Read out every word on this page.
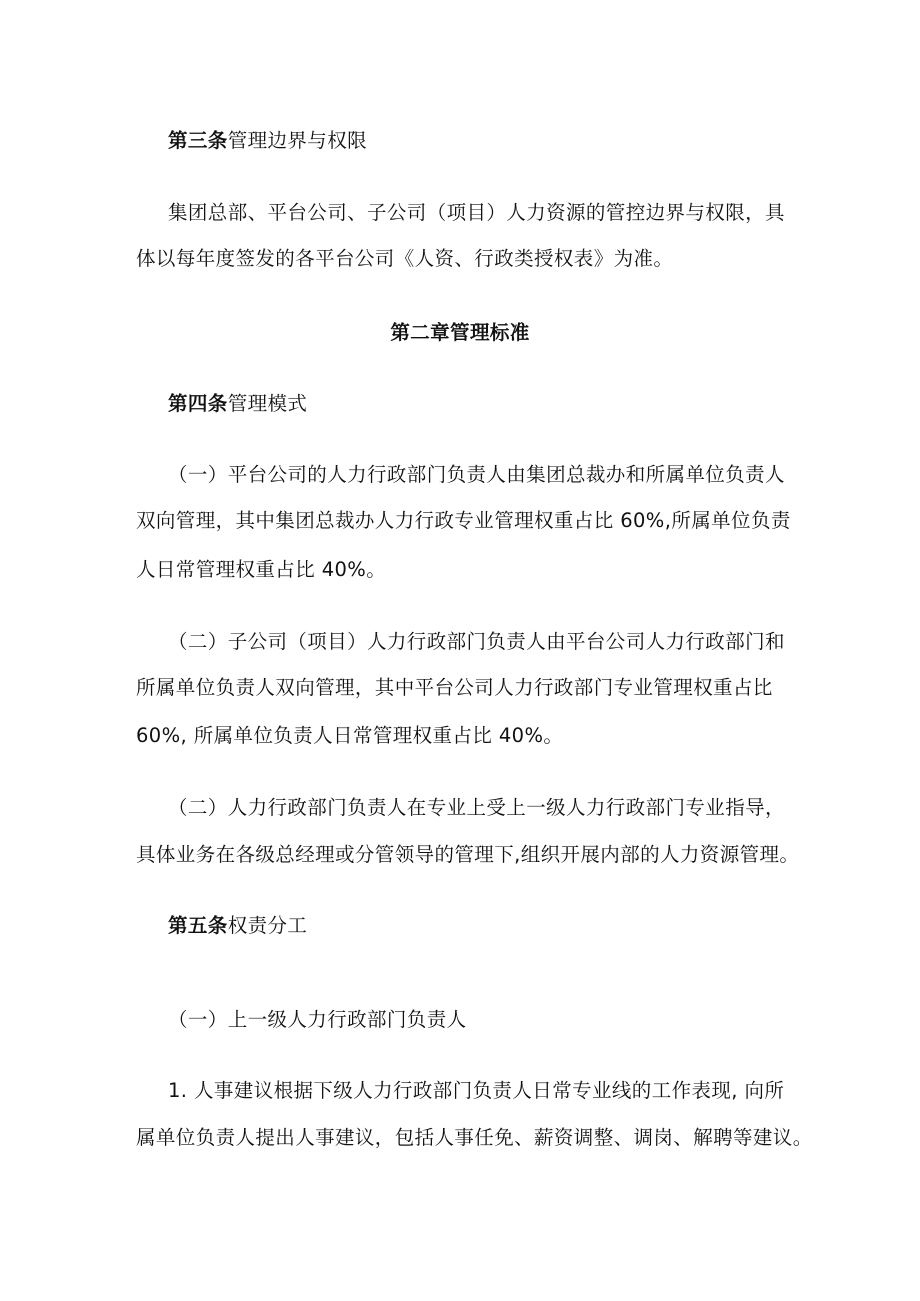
第三条管理边界与权限
集团总部、平台公司、子公司（项目）人力资源的管控边界与权限，具
体以每年度签发的各平台公司《人资、行政类授权表》为准。
第二章管理标准
第四条管理模式
（一）平台公司的人力行政部门负责人由集团总裁办和所属单位负责人
双向管理，其中集团总裁办人力行政专业管理权重占比 60%,所属单位负责
人日常管理权重占比 40%。
（二）子公司（项目）人力行政部门负责人由平台公司人力行政部门和
所属单位负责人双向管理，其中平台公司人力行政部门专业管理权重占比
60%, 所属单位负责人日常管理权重占比 40%。
（二）人力行政部门负责人在专业上受上一级人力行政部门专业指导，
具体业务在各级总经理或分管领导的管理下,组织开展内部的人力资源管理。
第五条权责分工
（一）上一级人力行政部门负责人
1. 人事建议根据下级人力行政部门负责人日常专业线的工作表现, 向所
属单位负责人提出人事建议，包括人事任免、薪资调整、调岗、解聘等建议。
